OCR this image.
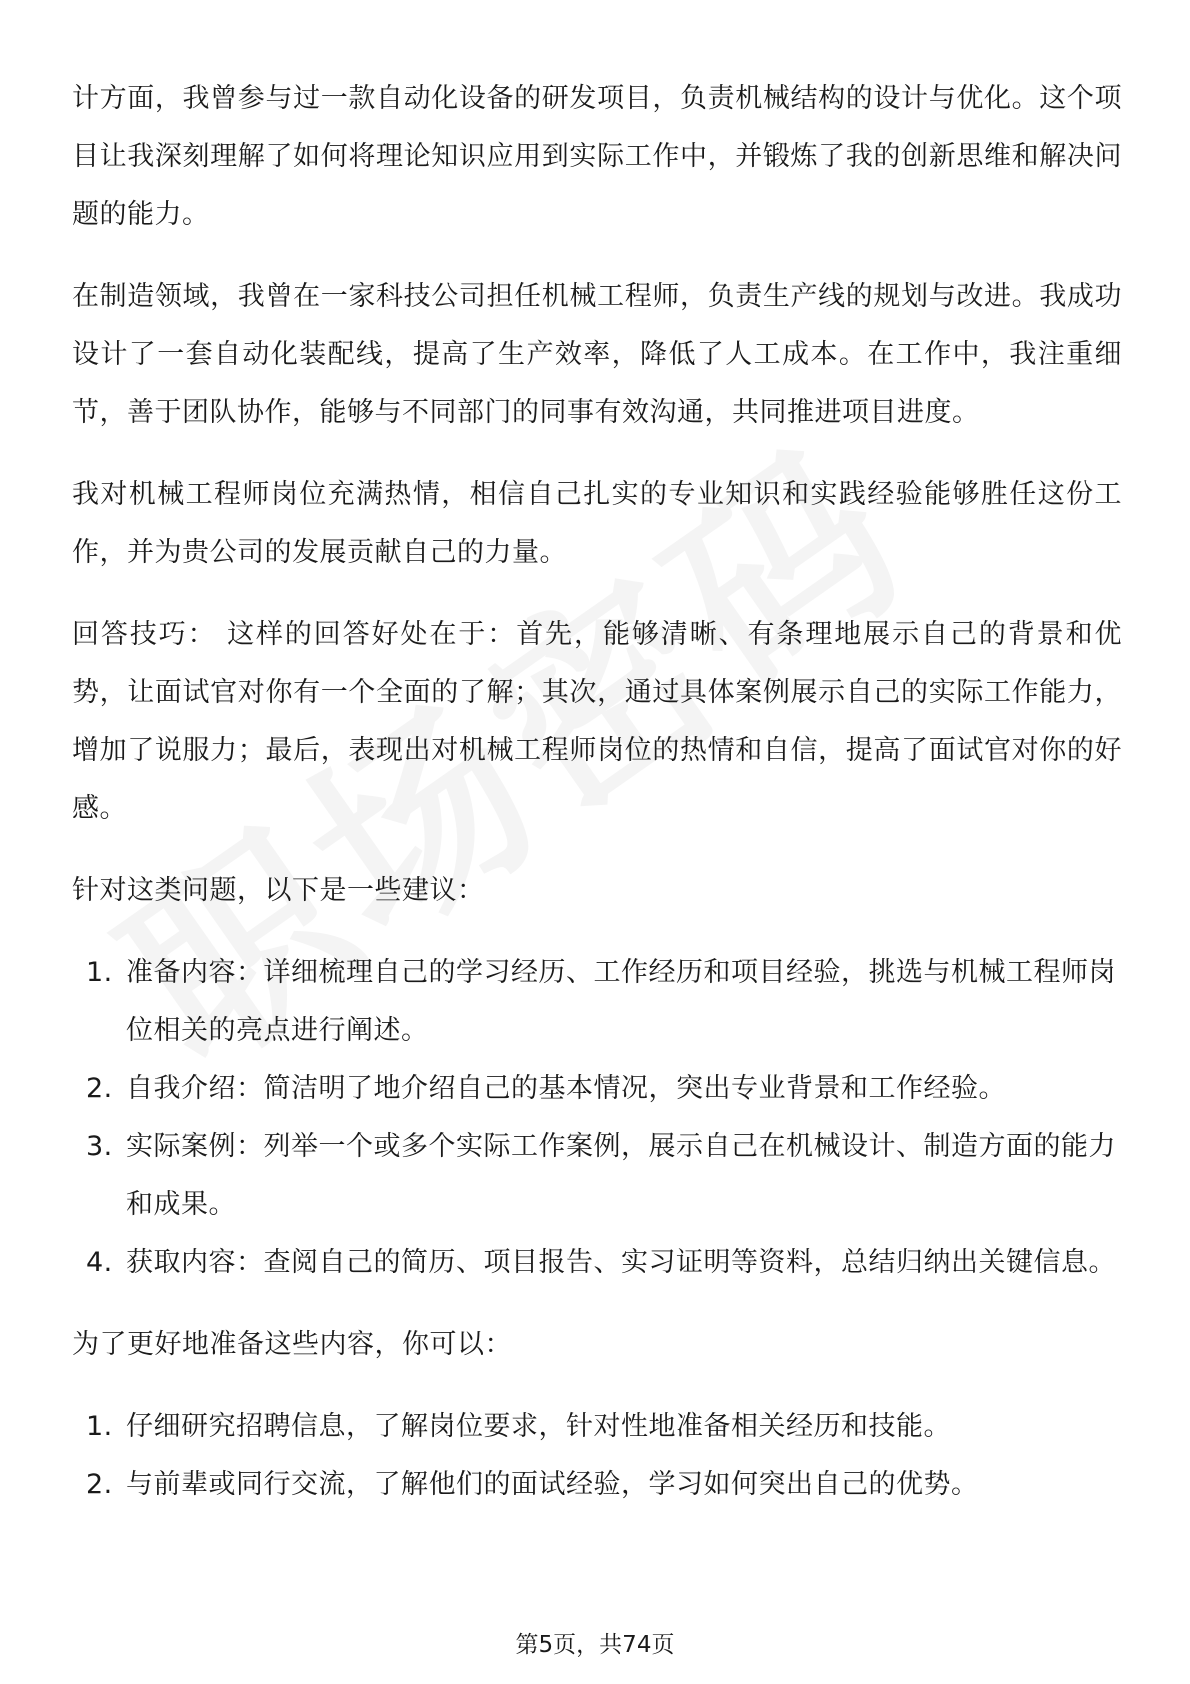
计方面，我曾参与过一款自动化设备的研发项目，负责机械结构的设计与优化。这个项目让我深刻理解了如何将理论知识应用到实际工作中，并锻炼了我的创新思维和解决问题的能力。

在制造领域，我曾在一家科技公司担任机械工程师，负责生产线的规划与改进。我成功设计了一套自动化装配线，提高了生产效率，降低了人工成本。在工作中，我注重细节，善于团队协作，能够与不同部门的同事有效沟通，共同推进项目进度。

我对机械工程师岗位充满热情，相信自己扎实的专业知识和实践经验能够胜任这份工作，并为贵公司的发展贡献自己的力量。

回答技巧： 这样的回答好处在于：首先，能够清晰、有条理地展示自己的背景和优势，让面试官对你有一个全面的了解；其次，通过具体案例展示自己的实际工作能力，增加了说服力；最后，表现出对机械工程师岗位的热情和自信，提高了面试官对你的好感。

针对这类问题，以下是一些建议：

1. 准备内容：详细梳理自己的学习经历、工作经历和项目经验，挑选与机械工程师岗位相关的亮点进行阐述。
2. 自我介绍：简洁明了地介绍自己的基本情况，突出专业背景和工作经验。
3. 实际案例：列举一个或多个实际工作案例，展示自己在机械设计、制造方面的能力和成果。
4. 获取内容：查阅自己的简历、项目报告、实习证明等资料，总结归纳出关键信息。

为了更好地准备这些内容，你可以：

1. 仔细研究招聘信息，了解岗位要求，针对性地准备相关经历和技能。
2. 与前辈或同行交流，了解他们的面试经验，学习如何突出自己的优势。
第5页，共74页
